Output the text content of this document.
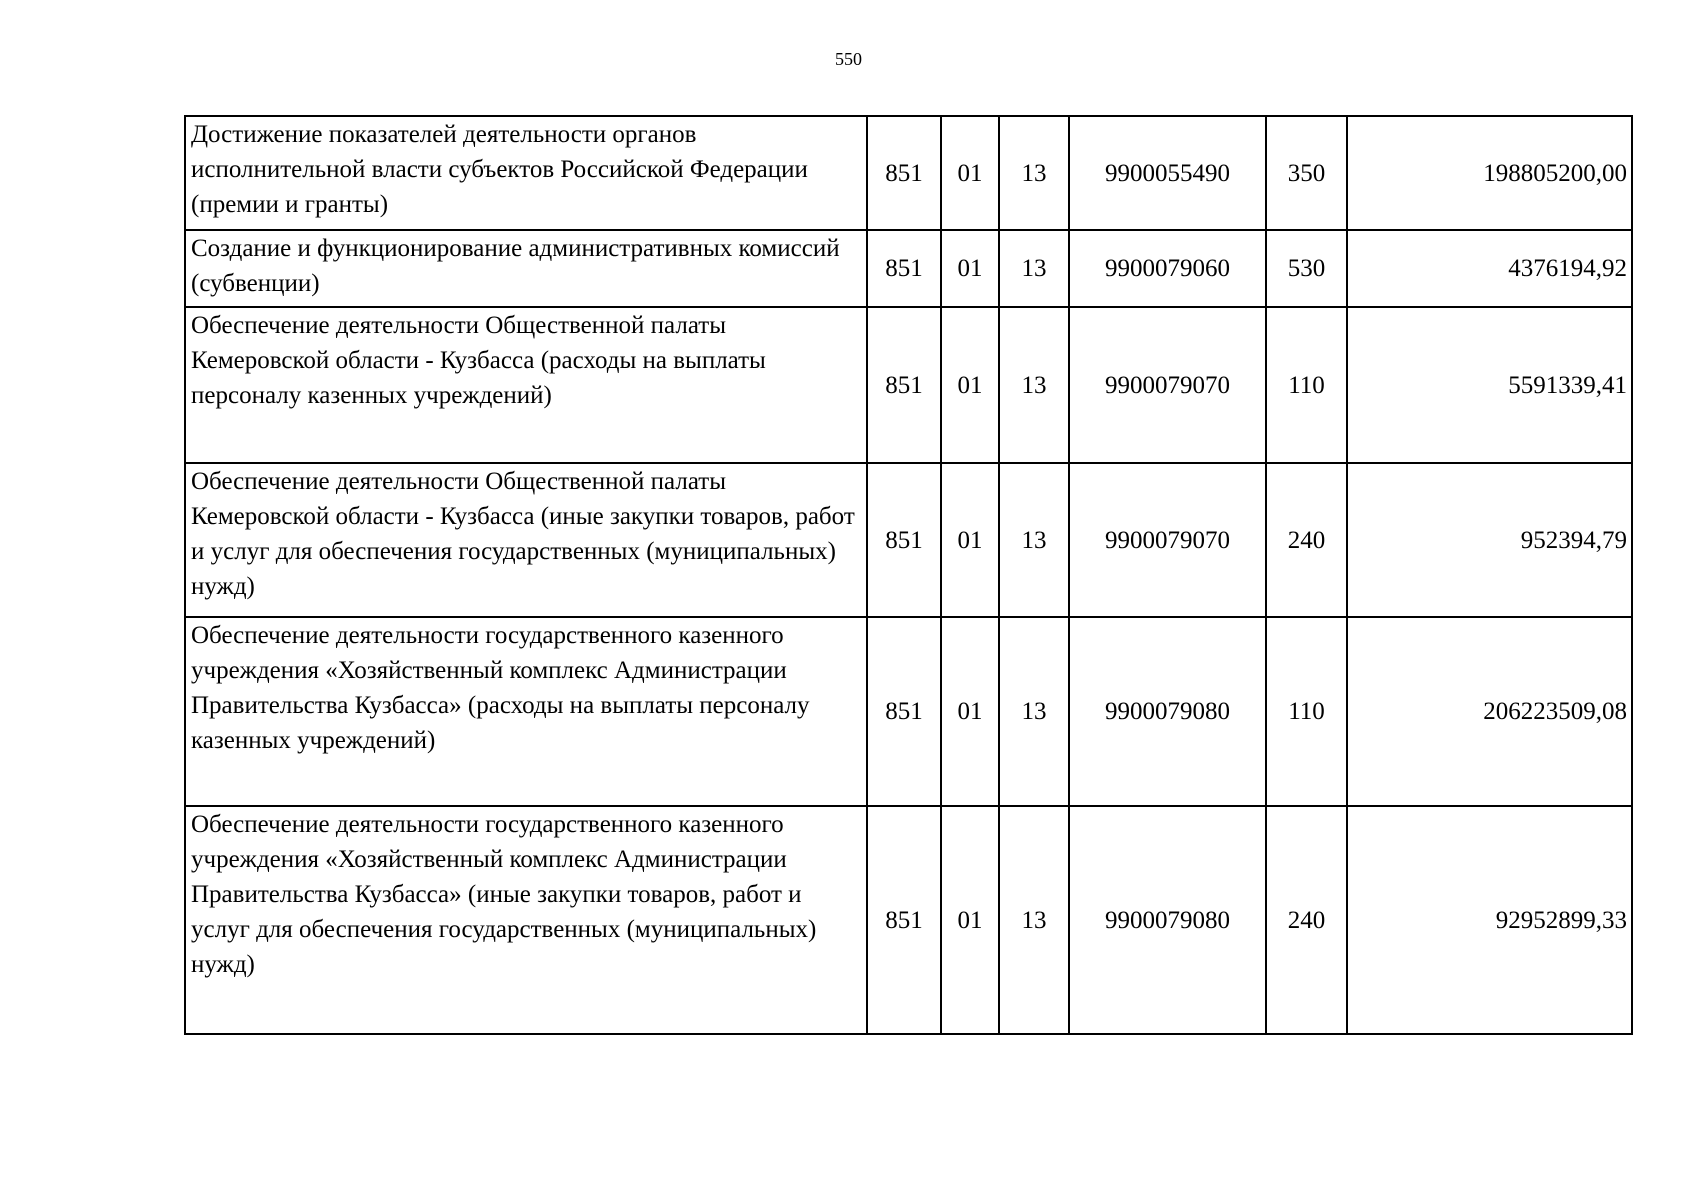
550
Достижение показателей деятельности органов исполнительной власти субъектов Российской Федерации (премии и гранты)	851	01	13	9900055490	350	198805200,00
Создание и функционирование административных комиссий (субвенции)	851	01	13	9900079060	530	4376194,92
Обеспечение деятельности Общественной палаты Кемеровской области - Кузбасса (расходы на выплаты персоналу казенных учреждений)	851	01	13	9900079070	110	5591339,41
Обеспечение деятельности Общественной палаты Кемеровской области - Кузбасса (иные закупки товаров, работ и услуг для обеспечения государственных (муниципальных) нужд)	851	01	13	9900079070	240	952394,79
Обеспечение деятельности государственного казенного учреждения «Хозяйственный комплекс Администрации Правительства Кузбасса» (расходы на выплаты персоналу казенных учреждений)	851	01	13	9900079080	110	206223509,08
Обеспечение деятельности государственного казенного учреждения «Хозяйственный комплекс Администрации Правительства Кузбасса» (иные закупки товаров, работ и услуг для обеспечения государственных (муниципальных) нужд)	851	01	13	9900079080	240	92952899,33
